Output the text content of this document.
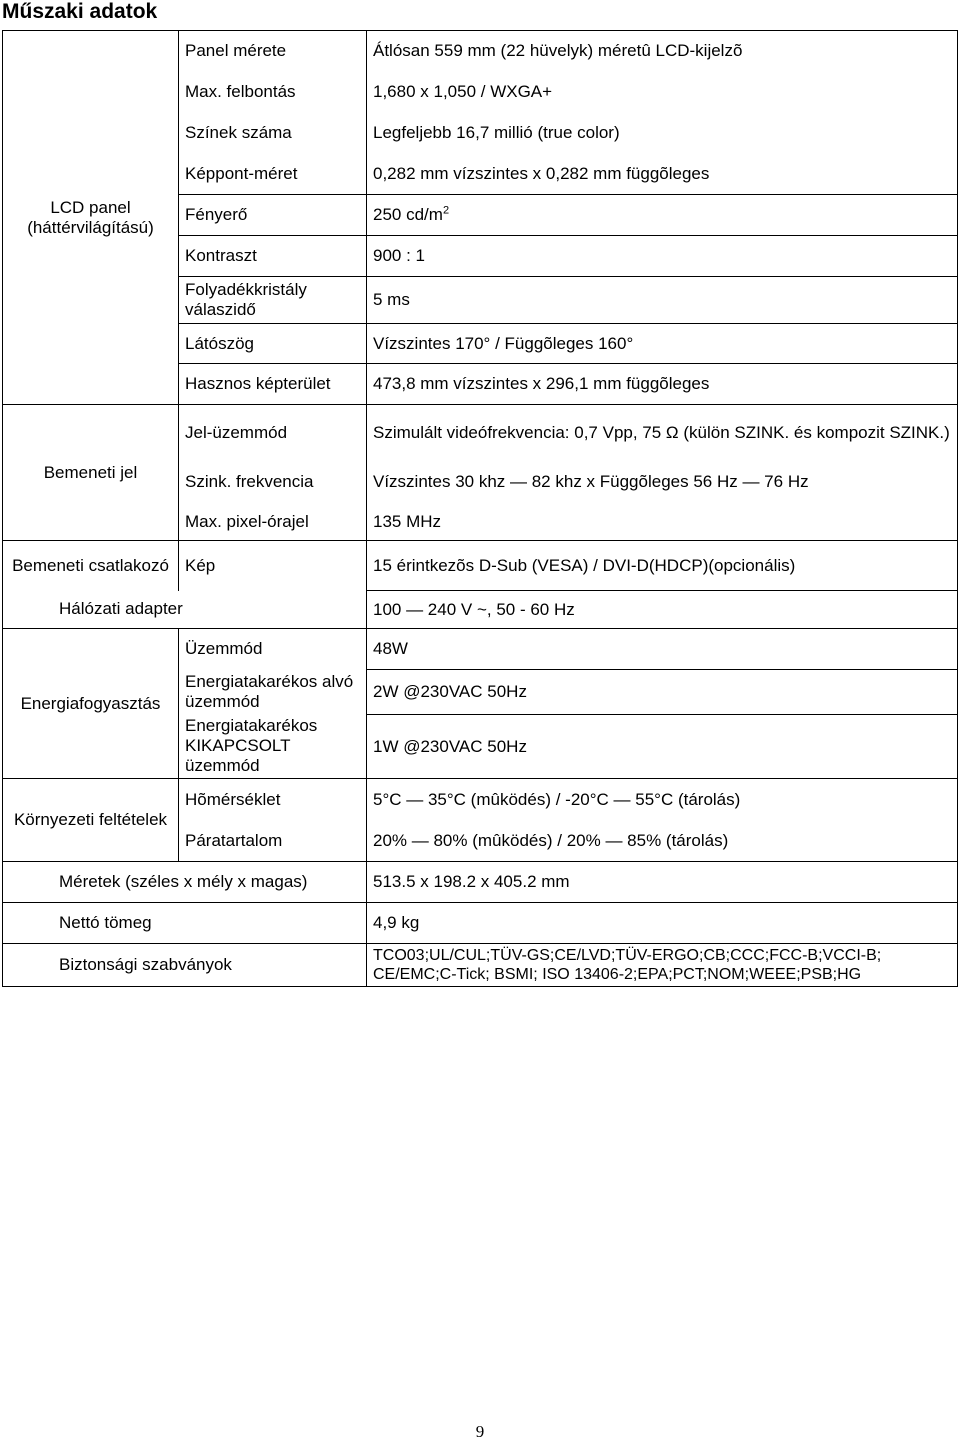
Műszaki adatok
LCD panel (háttérvilágítású)	Panel mérete	Átlósan 559 mm (22 hüvelyk) méretû LCD-kijelzõ
	Max. felbontás	1,680 x 1,050 / WXGA+
	Színek száma	Legfeljebb 16,7 millió (true color)
	Képpont-méret	0,282 mm vízszintes x 0,282 mm függõleges
	Fényerő	250 $cd/m^2$
	Kontraszt	900 : 1
	Folyadékkristály válaszidő	5 ms
	Látószög	Vízszintes 170° / Függõleges 160°
	Hasznos képterület	473,8 mm vízszintes x 296,1 mm függõleges
Bemeneti jel	Jel-üzemmód	Szimulált videófrekvencia: 0,7 Vpp, 75 Ω (külön SZINK. és kompozit SZINK.)
	Szink. frekvencia	Vízszintes 30 khz — 82 khz x Függõleges 56 Hz — 76 Hz
	Max. pixel-órajel	135 MHz
Bemeneti csatlakozó	Kép	15 érintkezõs D-Sub (VESA) / DVI-D(HDCP)(opcionális)
Hálózati adapter		100 — 240 V ~, 50 - 60 Hz
Energiafogyasztás	Üzemmód	48W
	Energiatakarékos alvó üzemmód	2W @230VAC 50Hz
	Energiatakarékos KIKAPCSOLT üzemmód	1W @230VAC 50Hz
Környezeti feltételek	Hõmérséklet	5°C — 35°C (mûködés) / -20°C — 55°C (tárolás)
	Páratartalom	20% — 80% (mûködés) / 20% — 85% (tárolás)
Méretek (széles x mély x magas)		513.5 x 198.2 x 405.2 mm
Nettó tömeg		4,9 kg
Biztonsági szabványok		TCO03;UL/CUL;TÜV-GS;CE/LVD;TÜV-ERGO;CB;CCC;FCC-B;VCCI-B; CE/EMC;C-Tick; BSMI; ISO 13406-2;EPA;PCT;NOM;WEEE;PSB;HG
9
